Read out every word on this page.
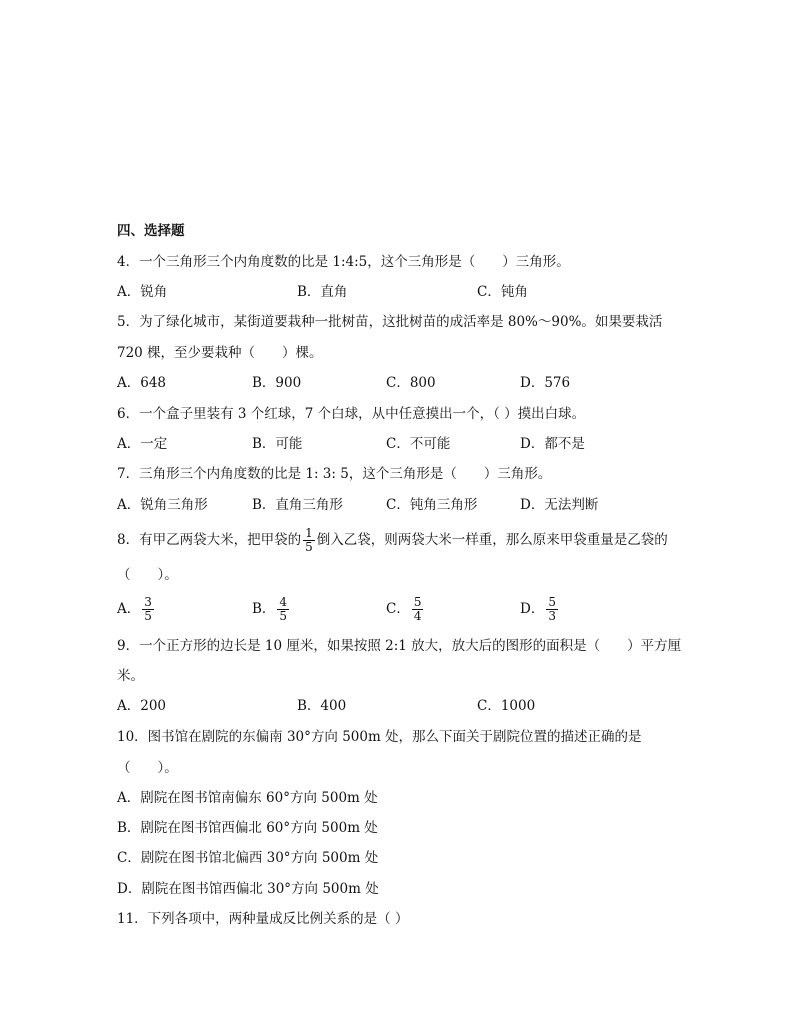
四、选择题
4．一个三角形三个内角度数的比是 1:4:5，这个三角形是（　　）三角形。
A．锐角	B．直角	C．钝角
5．为了绿化城市，某街道要栽种一批树苗，这批树苗的成活率是 80%～90%。如果要栽活
720 棵，至少要栽种（　　）棵。
A．648	B．900	C．800	D．576
6．一个盒子里装有 3 个红球，7 个白球，从中任意摸出一个，（ ）摸出白球。
A．一定	B．可能	C．不可能	D．都不是
7．三角形三个内角度数的比是 1: 3: 5，这个三角形是（　　）三角形。
A．锐角三角形	B．直角三角形	C．钝角三角形	D．无法判断
8．有甲乙两袋大米，把甲袋的 $\frac{1}{5}$ 倒入乙袋，则两袋大米一样重，那么原来甲袋重量是乙袋的
（　　）。
A． $\frac{3}{5}$	B． $\frac{4}{5}$	C． $\frac{5}{4}$	D． $\frac{5}{3}$
9．一个正方形的边长是 10 厘米，如果按照 2:1 放大，放大后的图形的面积是（　　）平方厘
米。
A．200	B．400	C．1000
10．图书馆在剧院的东偏南 30°方向 500m 处，那么下面关于剧院位置的描述正确的是
（　　）。
A．剧院在图书馆南偏东 60°方向 500m 处
B．剧院在图书馆西偏北 60°方向 500m 处
C．剧院在图书馆北偏西 30°方向 500m 处
D．剧院在图书馆西偏北 30°方向 500m 处
11．下列各项中，两种量成反比例关系的是（ ）
